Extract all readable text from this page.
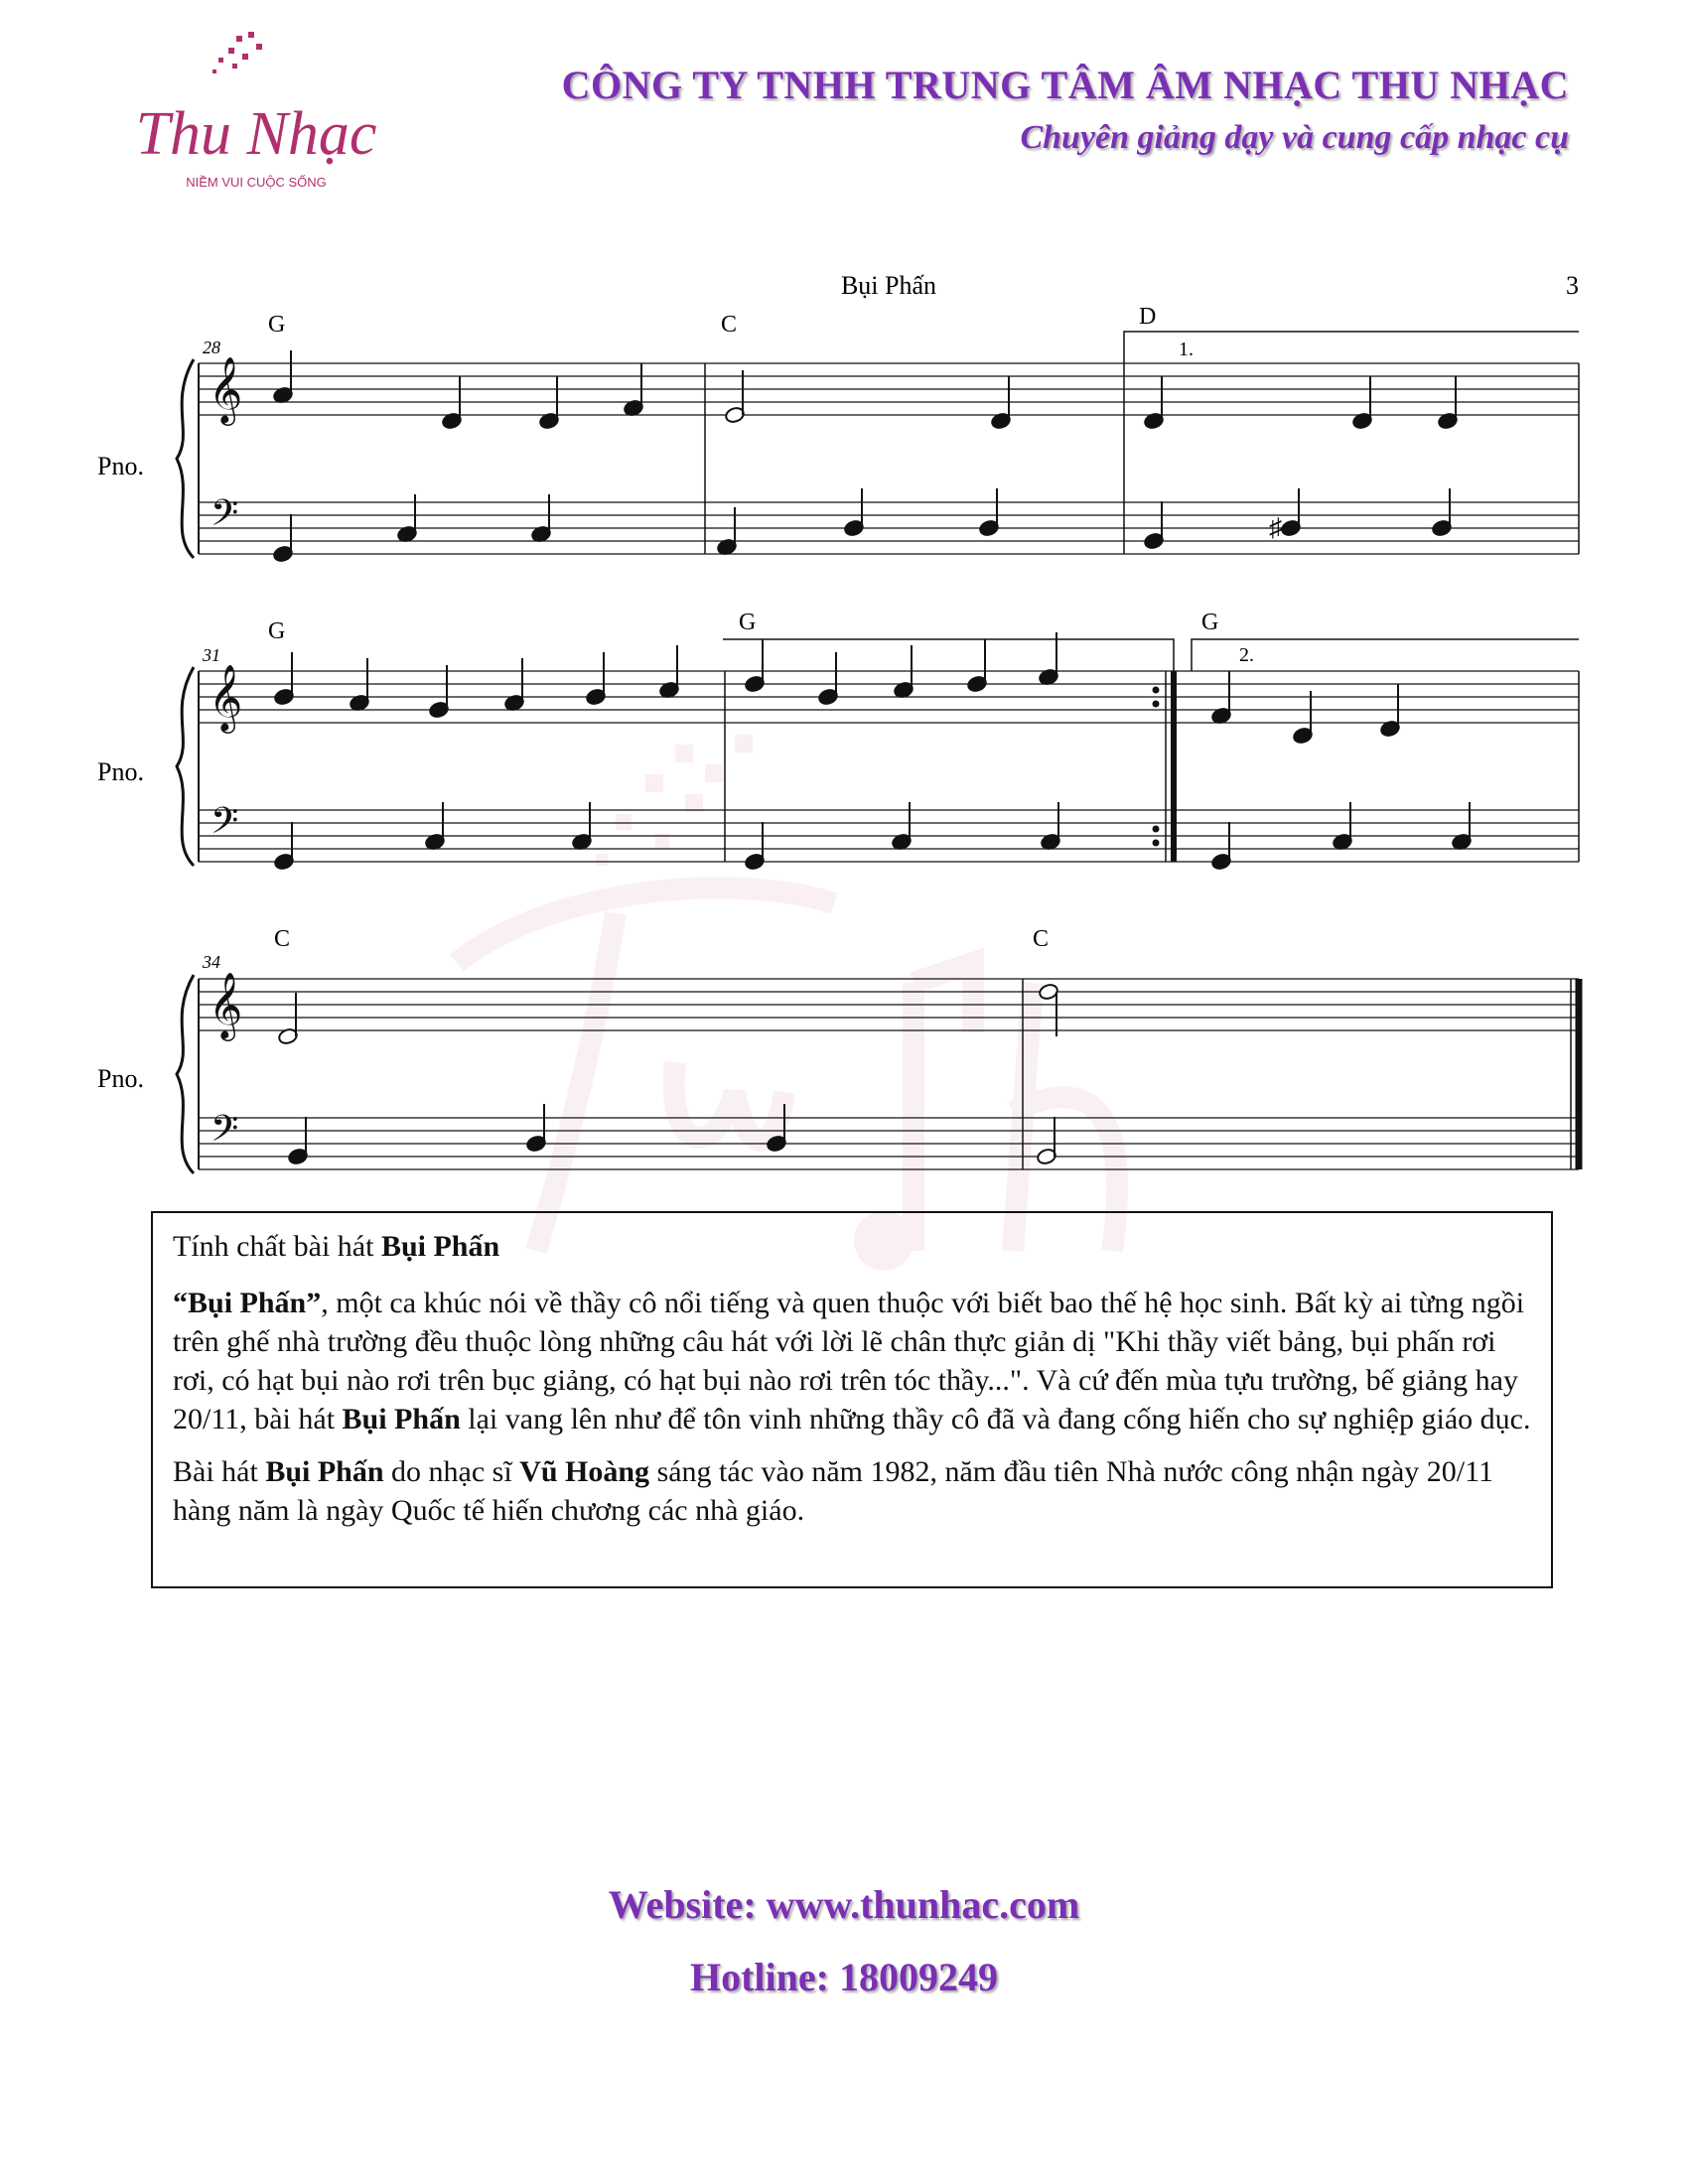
Thu Nhạc
NIỀM VUI CUỘC SỐNG
CÔNG TY TNHH TRUNG TÂM ÂM NHẠC THU NHẠC
Chuyên giảng dạy và cung cấp nhạc cụ
Bụi Phấn	3
Pno.
Pno.
Pno.
28
31
34
G	C	D
G	G	G
C	C
1.
2.
𝄞
𝄢
𝄞
𝄢
𝄞
𝄢
♯

Tính chất bài hát Bụi Phấn

“Bụi Phấn”, một ca khúc nói về thầy cô nổi tiếng và quen thuộc với biết bao thế hệ học sinh. Bất kỳ ai từng ngồi trên ghế nhà trường đều thuộc lòng những câu hát với lời lẽ chân thực giản dị "Khi thầy viết bảng, bụi phấn rơi rơi, có hạt bụi nào rơi trên bục giảng, có hạt bụi nào rơi trên tóc thầy...". Và cứ đến mùa tựu trường, bế giảng hay 20/11, bài hát Bụi Phấn lại vang lên như để tôn vinh những thầy cô đã và đang cống hiến cho sự nghiệp giáo dục.

Bài hát Bụi Phấn do nhạc sĩ Vũ Hoàng sáng tác vào năm 1982, năm đầu tiên Nhà nước công nhận ngày 20/11 hàng năm là ngày Quốc tế hiến chương các nhà giáo.

Website: www.thunhac.com
Hotline: 18009249
